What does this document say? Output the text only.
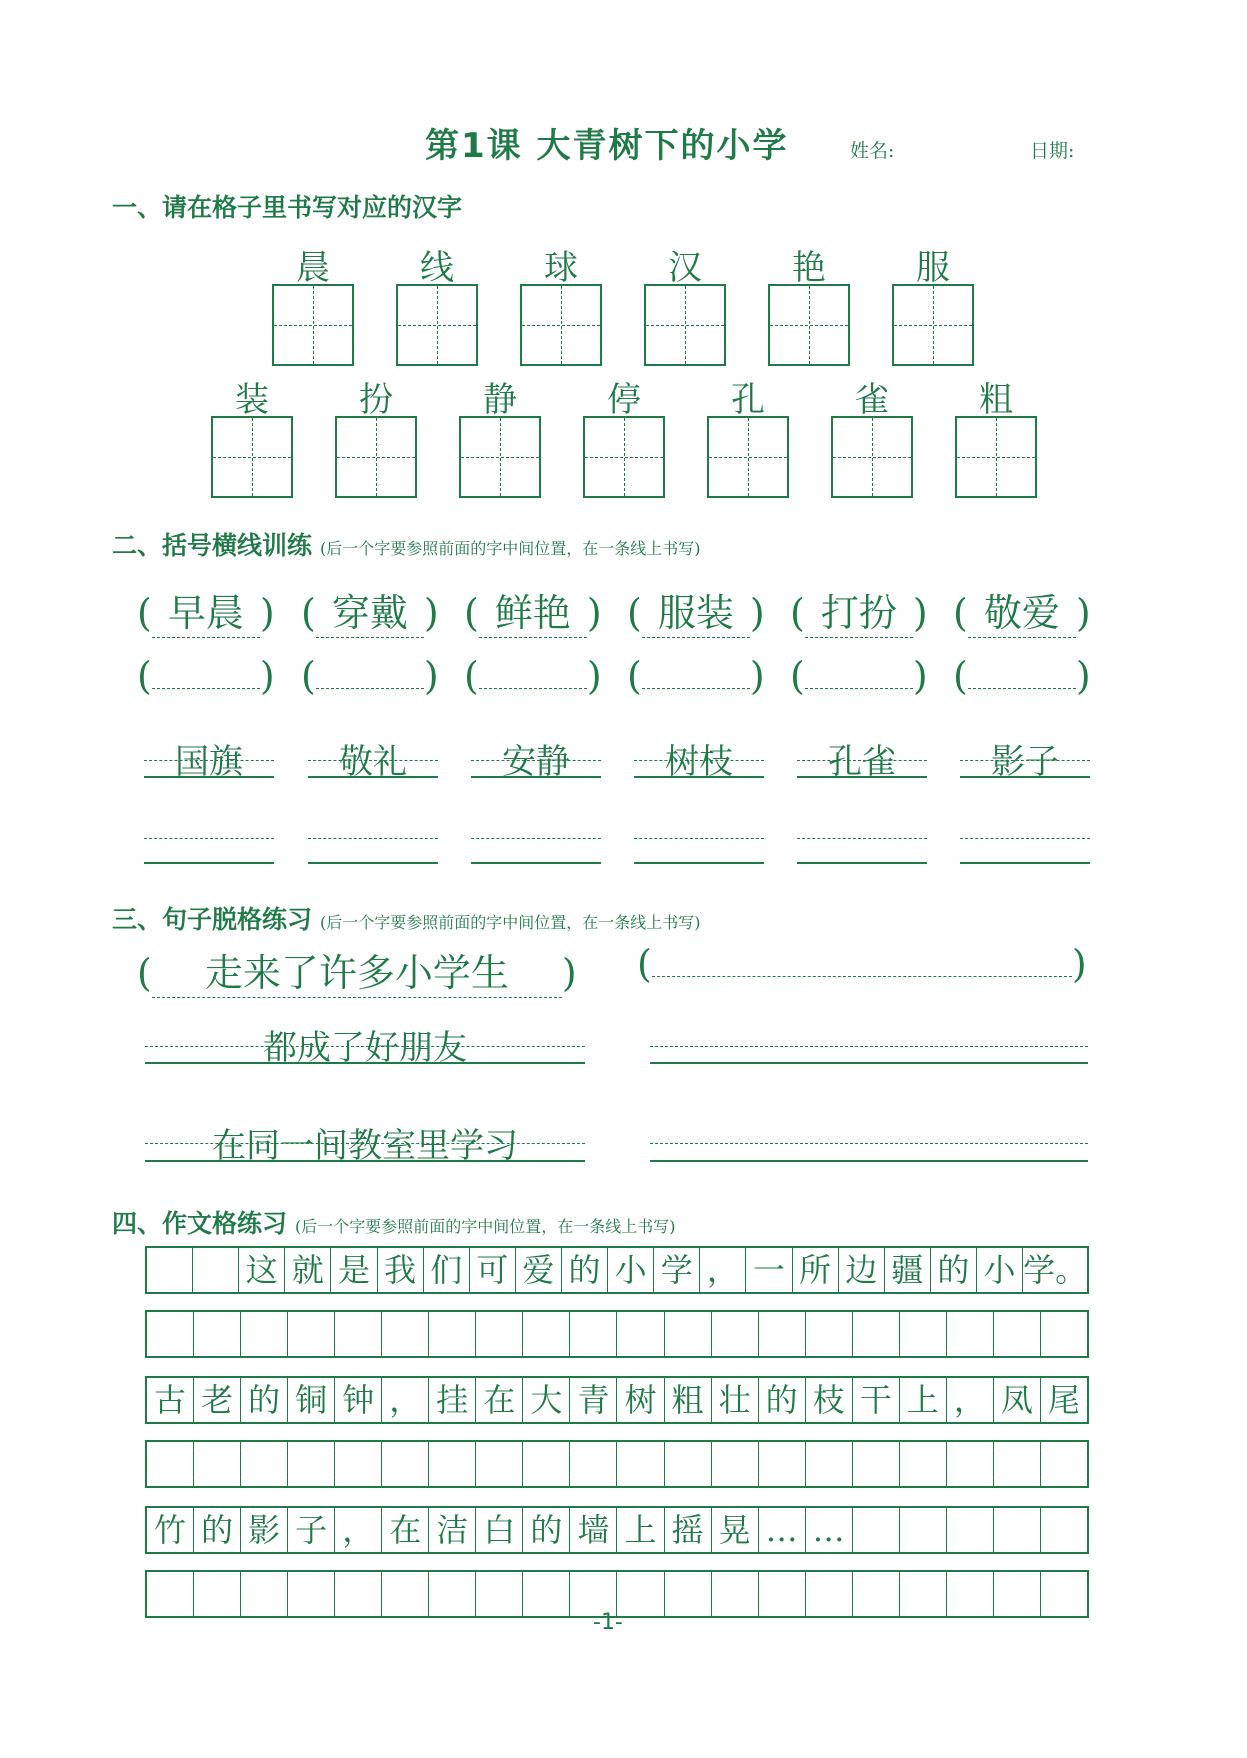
第1课 大青树下的小学	姓名:	日期:
一、请在格子里书写对应的汉字
晨	线	球	汉	艳	服
装	扮	静	停	孔	雀	粗
二、括号横线训练 (后一个字要参照前面的字中间位置，在一条线上书写)
( 早晨 )
(	)
( 穿戴 )
(	)
( 鲜艳 )
(	)
( 服装 )
(	)
( 打扮 )
(	)
( 敬爱 )
(	)
国旗	敬礼	安静	树枝	孔雀	影子
三、句子脱格练习 (后一个字要参照前面的字中间位置，在一条线上书写)
( 走来了许多小学生 ) (	)
都成了好朋友
在同一间教室里学习
四、作文格练习 (后一个字要参照前面的字中间位置，在一条线上书写)
这 就 是 我 们 可 爱 的 小 学 ， 一 所 边 疆 的 小 学。
古 老 的 铜 钟 ， 挂 在 大 青 树 粗 壮 的 枝 干 上 ， 凤 尾
竹 的 影 子 ， 在 洁 白 的 墙 上 摇 晃 … …
-1-
